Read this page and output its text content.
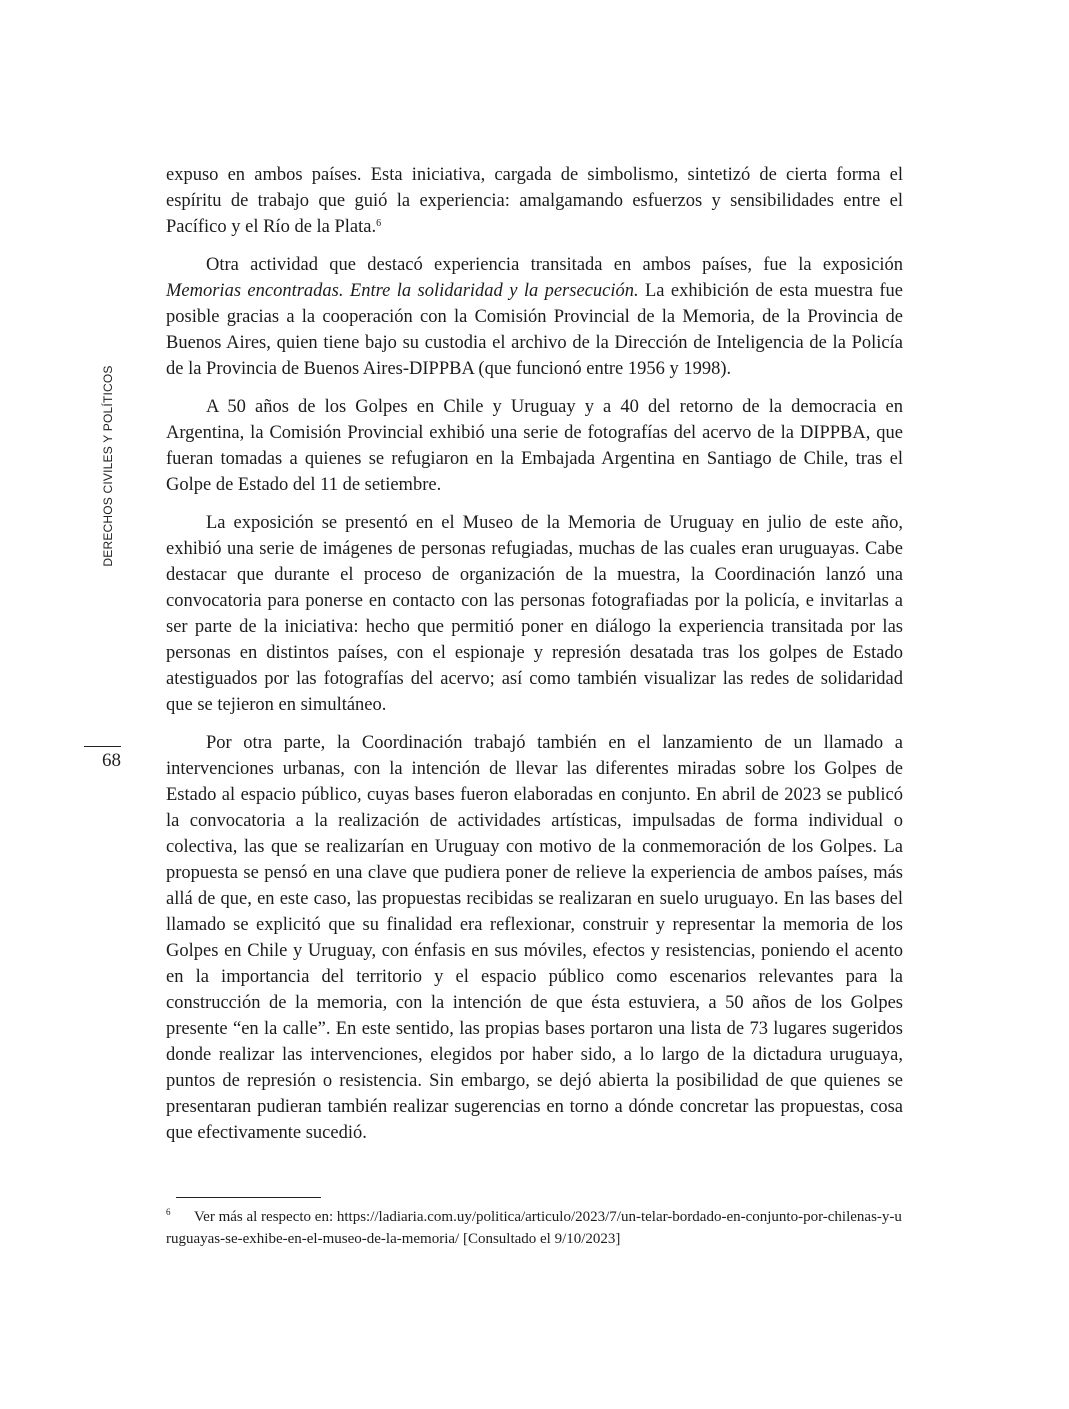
DERECHOS CIVILES Y POLÍTICOS
68

expuso en ambos países. Esta iniciativa, cargada de simbolismo, sintetizó de cierta forma el espíritu de trabajo que guió la experiencia: amalgamando esfuerzos y sensibilidades entre el Pacífico y el Río de la Plata.$^6$

Otra actividad que destacó experiencia transitada en ambos países, fue la exposición Memorias encontradas. Entre la solidaridad y la persecución. La exhibición de esta muestra fue posible gracias a la cooperación con la Comisión Provincial de la Memoria, de la Provincia de Buenos Aires, quien tiene bajo su custodia el archivo de la Dirección de Inteligencia de la Policía de la Provincia de Buenos Aires-DIPPBA (que funcionó entre 1956 y 1998).

A 50 años de los Golpes en Chile y Uruguay y a 40 del retorno de la democracia en Argentina, la Comisión Provincial exhibió una serie de fotografías del acervo de la DIPPBA, que fueran tomadas a quienes se refugiaron en la Embajada Argentina en Santiago de Chile, tras el Golpe de Estado del 11 de setiembre.

La exposición se presentó en el Museo de la Memoria de Uruguay en julio de este año, exhibió una serie de imágenes de personas refugiadas, muchas de las cuales eran uruguayas. Cabe destacar que durante el proceso de organización de la muestra, la Coordinación lanzó una convocatoria para ponerse en contacto con las personas fotografiadas por la policía, e invitarlas a ser parte de la iniciativa: hecho que permitió poner en diálogo la experiencia transitada por las personas en distintos países, con el espionaje y represión desatada tras los golpes de Estado atestiguados por las fotografías del acervo; así como también visualizar las redes de solidaridad que se tejieron en simultáneo.

Por otra parte, la Coordinación trabajó también en el lanzamiento de un llamado a intervenciones urbanas, con la intención de llevar las diferentes miradas sobre los Golpes de Estado al espacio público, cuyas bases fueron elaboradas en conjunto. En abril de 2023 se publicó la convocatoria a la realización de actividades artísticas, impulsadas de forma individual o colectiva, las que se realizarían en Uruguay con motivo de la conmemoración de los Golpes. La propuesta se pensó en una clave que pudiera poner de relieve la experiencia de ambos países, más allá de que, en este caso, las propuestas recibidas se realizaran en suelo uruguayo. En las bases del llamado se explicitó que su finalidad era reflexionar, construir y representar la memoria de los Golpes en Chile y Uruguay, con énfasis en sus móviles, efectos y resistencias, poniendo el acento en la importancia del territorio y el espacio público como escenarios relevantes para la construcción de la memoria, con la intención de que ésta estuviera, a 50 años de los Golpes presente “en la calle”. En este sentido, las propias bases portaron una lista de 73 lugares sugeridos donde realizar las intervenciones, elegidos por haber sido, a lo largo de la dictadura uruguaya, puntos de represión o resistencia. Sin embargo, se dejó abierta la posibilidad de que quienes se presentaran pudieran también realizar sugerencias en torno a dónde concretar las propuestas, cosa que efectivamente sucedió.

6 Ver más al respecto en: https://ladiaria.com.uy/politica/articulo/2023/7/un-telar-bordado-en-conjunto-por-chilenas-y-uruguayas-se-exhibe-en-el-museo-de-la-memoria/ [Consultado el 9/10/2023]
